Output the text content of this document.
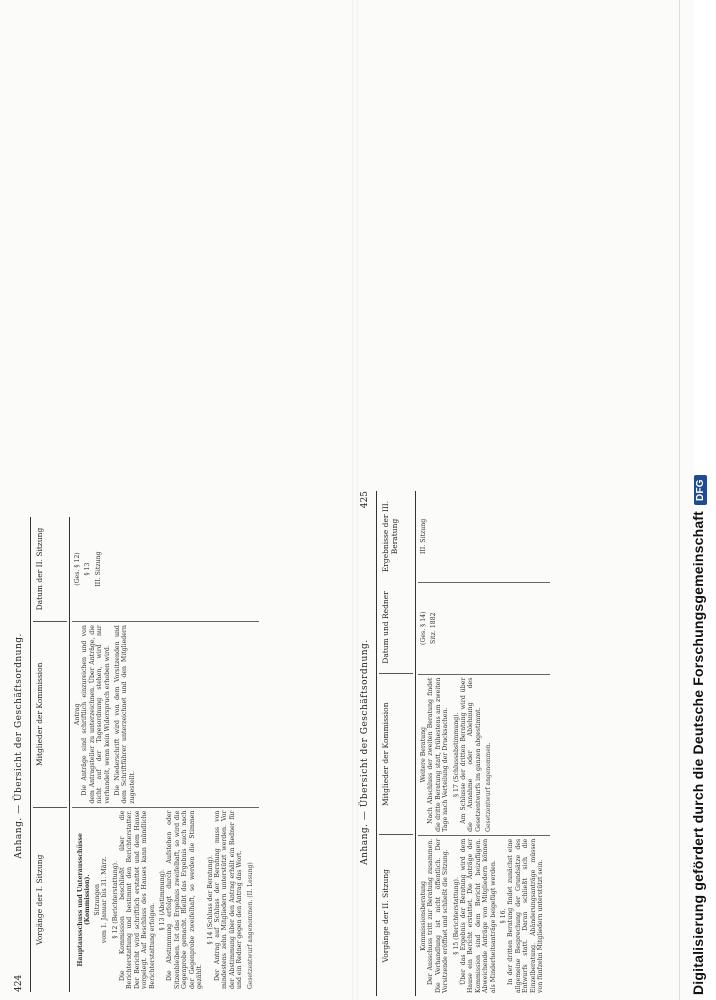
424
Anhang. — Übersicht der Geschäftsordnung.
Vorgänge der I. Sitzung
Mitglieder der Kommission
Datum der II. Sitzung
Hauptausschuss und Unterausschüsse (Kommission). Sitzungen vom 1. Januar bis 31. März. § 12 (Berichterstattung). Die Kommission beschließt über die Berichterstattung und bestimmt den Berichterstatter. Der Bericht wird schriftlich erstattet und dem Hause vorgelegt. Auf Beschluss des Hauses kann mündliche Berichterstattung erfolgen.

§ 13 (Abstimmung). Die Abstimmung erfolgt durch Aufstehen oder Sitzenbleiben. Ist das Ergebnis zweifelhaft, so wird die Gegenprobe gemacht. Bleibt das Ergebnis auch nach der Gegenprobe zweifelhaft, so werden die Stimmen gezählt.

§ 14 (Schluss der Beratung). Der Antrag auf Schluss der Beratung muss von mindestens zehn Mitgliedern unterstützt werden. Vor der Abstimmung über den Antrag erhält ein Redner für und ein Redner gegen den Antrag das Wort. Gesetzentwurf angenommen. (II. Lesung)

Antrag Die Anträge sind schriftlich einzureichen und von dem Antragsteller zu unterzeichnen. Über Anträge, die nicht auf der Tagesordnung stehen, wird nur verhandelt, wenn kein Widerspruch erhoben wird. Die Niederschrift wird von dem Vorsitzenden und dem Schriftführer unterzeichnet und den Mitgliedern zugestellt.

(Ges. § 12) § 13 III. Sitzung

Anhang. — Übersicht der Geschäftsordnung.
425
Vorgänge der II. Sitzung
Mitglieder der Kommission
Datum und Redner
Ergebnisse der III. Beratung
Kommissionsberatung Der Ausschuss tritt zur Beratung zusammen. Die Verhandlung ist nicht öffentlich. Der Vorsitzende eröffnet und schließt die Sitzung. § 15 (Berichterstattung). Über das Ergebnis der Beratung wird dem Hause ein Bericht erstattet. Die Anträge der Kommission sind dem Bericht beizufügen. Abweichende Anträge von Mitgliedern können als Minderheitsanträge beigefügt werden. § 16. In der dritten Beratung findet zunächst eine allgemeine Besprechung der Grundsätze des Entwurfs statt. Daran schließt sich die Einzelberatung. Abänderungsanträge müssen von fünfzehn Mitgliedern unterstützt sein.

Weitere Beratung Nach Abschluss der zweiten Beratung findet die dritte Beratung statt, frühestens am zweiten Tage nach Verteilung der Drucksachen. § 17 (Schlussabstimmung). Am Schlusse der dritten Beratung wird über die Annahme oder Ablehnung des Gesetzentwurfs im ganzen abgestimmt. Gesetzentwurf angenommen.

(Ges. § 14) Sitz. 1882

III. Sitzung	Digitalisierung gefördert durch die Deutsche ForschungsgemeinschaftDFG
